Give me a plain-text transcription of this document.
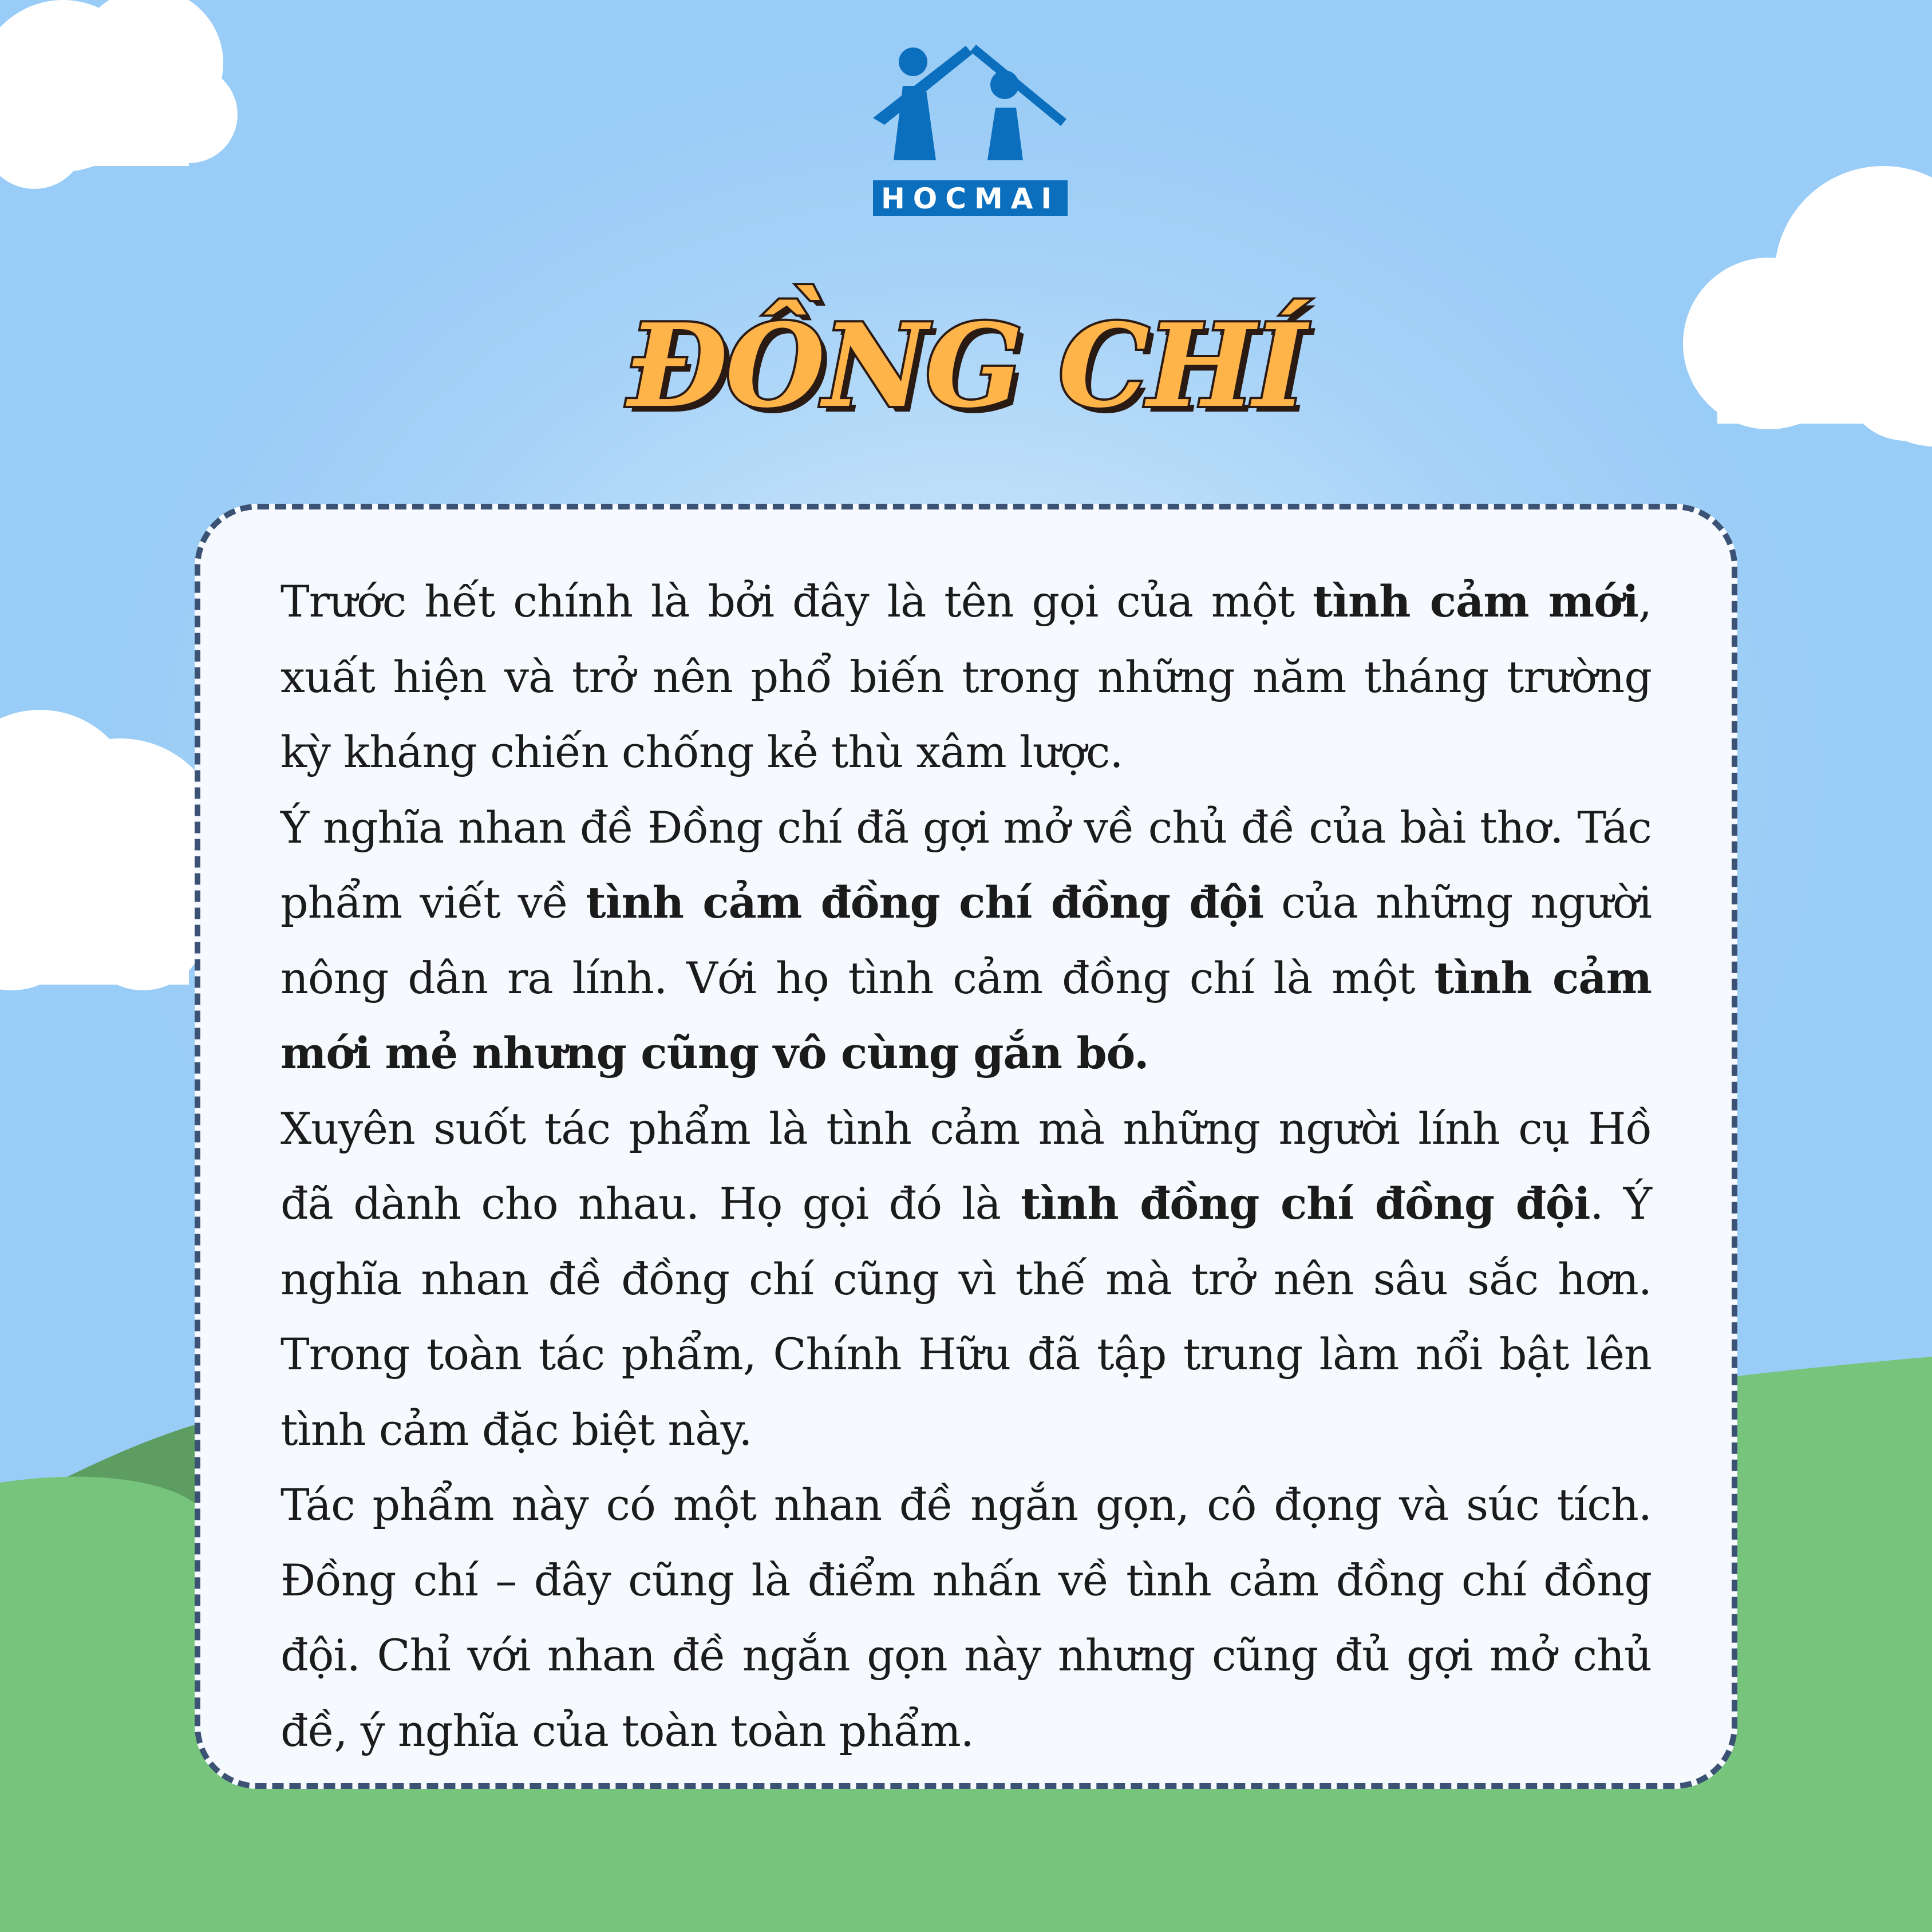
HOCMAI
ĐỒNG CHÍ

Trước hết chính là bởi đây là tên gọi của một tình cảm mới, xuất hiện và trở nên phổ biến trong những năm tháng trường kỳ kháng chiến chống kẻ thù xâm lược.

Ý nghĩa nhan đề Đồng chí đã gợi mở về chủ đề của bài thơ. Tác phẩm viết về tình cảm đồng chí đồng đội của những người nông dân ra lính. Với họ tình cảm đồng chí là một tình cảm mới mẻ nhưng cũng vô cùng gắn bó.

Xuyên suốt tác phẩm là tình cảm mà những người lính cụ Hồ đã dành cho nhau. Họ gọi đó là tình đồng chí đồng đội. Ý nghĩa nhan đề đồng chí cũng vì thế mà trở nên sâu sắc hơn. Trong toàn tác phẩm, Chính Hữu đã tập trung làm nổi bật lên tình cảm đặc biệt này.

Tác phẩm này có một nhan đề ngắn gọn, cô đọng và súc tích. Đồng chí – đây cũng là điểm nhấn về tình cảm đồng chí đồng đội. Chỉ với nhan đề ngắn gọn này nhưng cũng đủ gợi mở chủ đề, ý nghĩa của toàn toàn phẩm.
